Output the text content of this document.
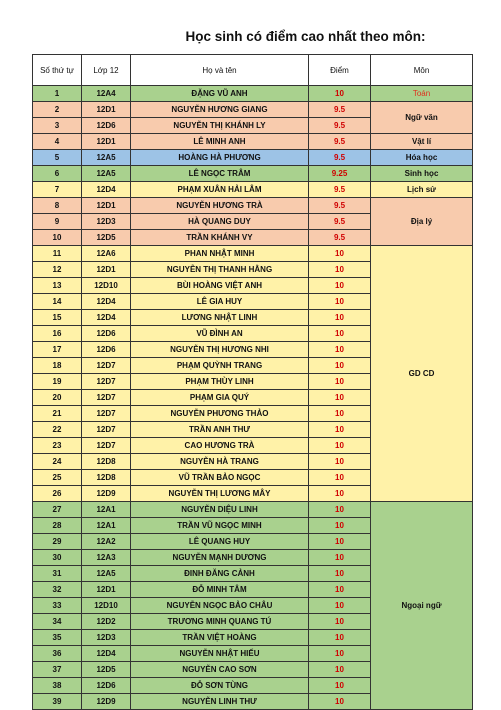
Học sinh có điểm cao nhất theo môn:
Số thứ tự	Lớp 12	Họ và tên	Điểm	Môn
1	12A4	ĐẶNG VŨ ANH	10	Toán
2	12D1	NGUYỄN HƯƠNG GIANG	9.5	Ngữ văn
3	12D6	NGUYỄN THỊ KHÁNH LY	9.5	
4	12D1	LÊ MINH ANH	9.5	Vật lí
5	12A5	HOÀNG HÀ PHƯƠNG	9.5	Hóa học
6	12A5	LÊ NGỌC TRÂM	9.25	Sinh học
7	12D4	PHẠM XUÂN HẢI LÂM	9.5	Lịch sử
8	12D1	NGUYỄN HƯƠNG TRÀ	9.5	Địa lý
9	12D3	HÀ QUANG DUY	9.5	
10	12D5	TRẦN KHÁNH VY	9.5	
11	12A6	PHAN NHẬT MINH	10	GD CD
12	12D1	NGUYỄN THỊ THANH HẰNG	10	
13	12D10	BÙI HOÀNG VIỆT ANH	10	
14	12D4	LÊ GIA HUY	10	
15	12D4	LƯƠNG NHẬT LINH	10	
16	12D6	VŨ ĐÌNH AN	10	
17	12D6	NGUYỄN THỊ HƯƠNG NHI	10	
18	12D7	PHẠM QUỲNH TRANG	10	
19	12D7	PHẠM THÙY LINH	10	
20	12D7	PHẠM GIA QUÝ	10	
21	12D7	NGUYỄN PHƯƠNG THẢO	10	
22	12D7	TRẦN ANH THƯ	10	
23	12D7	CAO HƯƠNG TRÀ	10	
24	12D8	NGUYỄN HÀ TRANG	10	
25	12D8	VŨ TRẦN BẢO NGỌC	10	
26	12D9	NGUYỄN THỊ LƯƠNG MÂY	10	
27	12A1	NGUYỄN DIỆU LINH	10	Ngoại ngữ
28	12A1	TRẦN VŨ NGỌC MINH	10	
29	12A2	LÊ QUANG HUY	10	
30	12A3	NGUYỄN MẠNH DƯƠNG	10	
31	12A5	ĐINH ĐĂNG CẢNH	10	
32	12D1	ĐỖ MINH TÂM	10	
33	12D10	NGUYỄN NGỌC BẢO CHÂU	10	
34	12D2	TRƯƠNG MINH QUANG TÚ	10	
35	12D3	TRẦN VIỆT HOÀNG	10	
36	12D4	NGUYỄN NHẬT HIẾU	10	
37	12D5	NGUYỄN CAO SƠN	10	
38	12D6	ĐỖ SƠN TÙNG	10	
39	12D9	NGUYỄN LINH THƯ	10	
